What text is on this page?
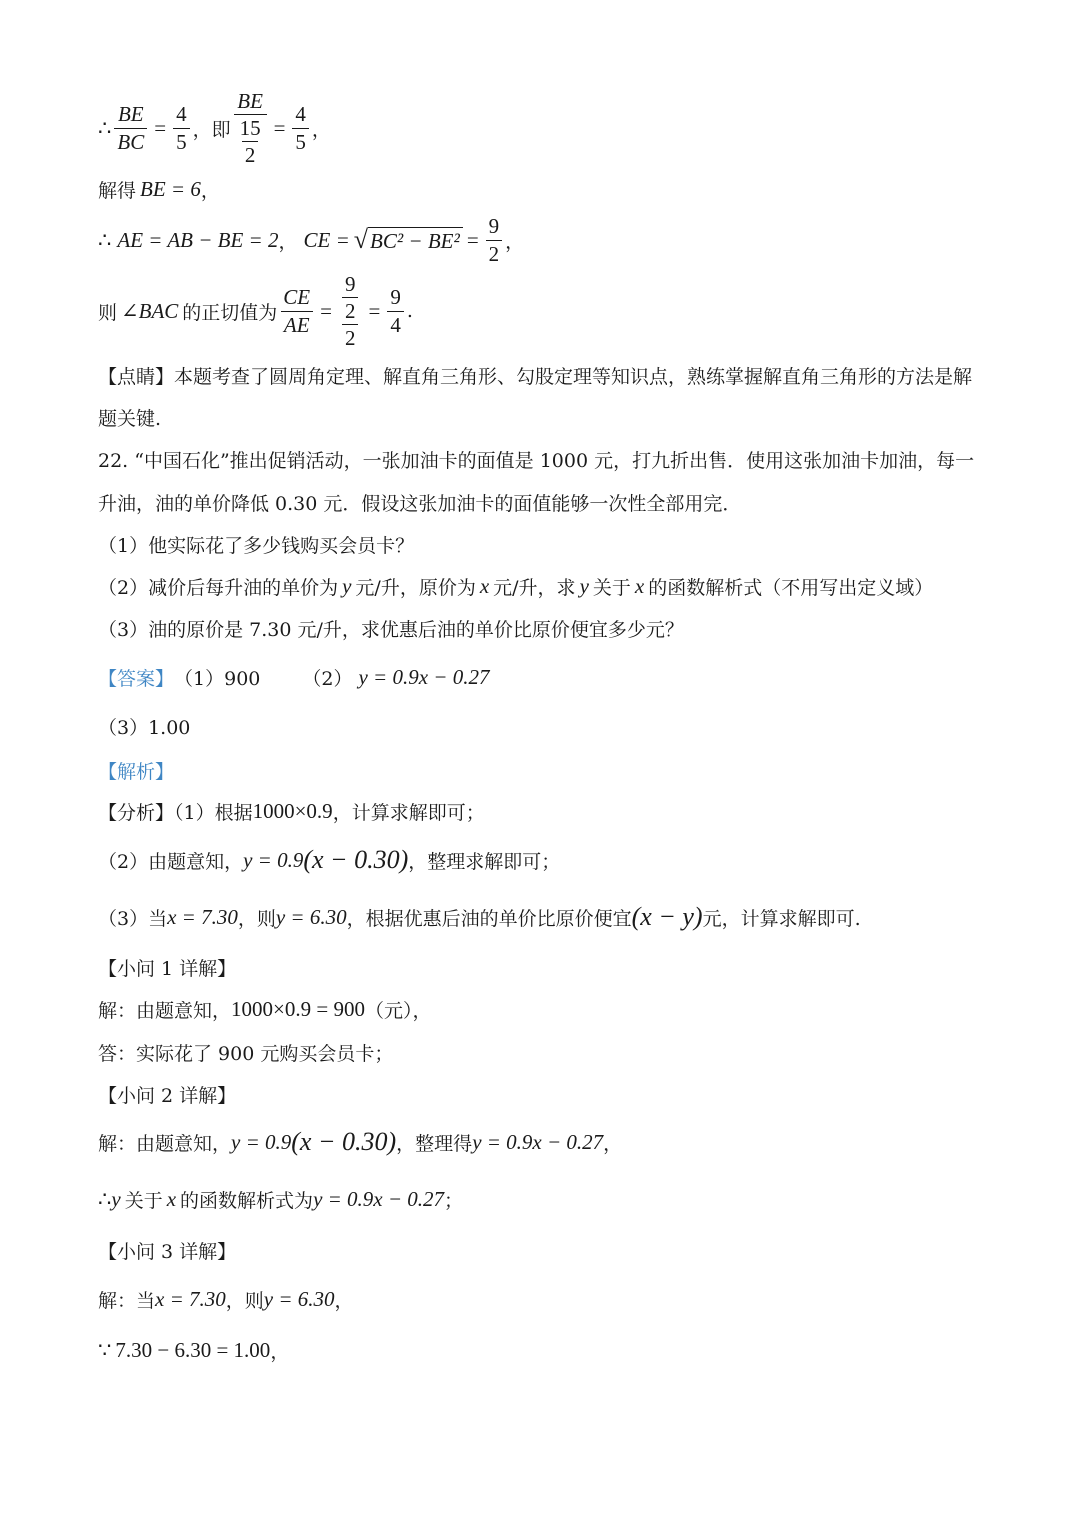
∴ $\frac{BE}{BC} = \frac{4}{5}$ ，即 $\frac{BE}{\frac{15}{2}} = \frac{4}{5}$ ，
解得 BE = 6 ，
∴ AE = AB − BE = 2 ， CE = √ $BC^2 - BE^2 = \frac{9}{2}$ ，
则 ∠BAC 的正切值为 $\frac{CE}{AE} = \frac{\frac{9}{2}}{2} = \frac{9}{4}$ .
【点睛】本题考查了圆周角定理、解直角三角形、勾股定理等知识点，熟练掌握解直角三角形的方法是解
题关键.
22. “中国石化”推出促销活动，一张加油卡的面值是 1000 元，打九折出售．使用这张加油卡加油，每一
升油，油的单价降低 0.30 元．假设这张加油卡的面值能够一次性全部用完．
（1）他实际花了多少钱购买会员卡？
（2）减价后每升油的单价为 y 元/升，原价为 x 元/升，求 y 关于 x 的函数解析式（不用写出定义域）
（3）油的原价是 7.30 元/升，求优惠后油的单价比原价便宜多少元？
【答案】 （1）900 （2） y = 0.9x − 0.27
（3）1.00
【解析】
【分析】（1）根据 1000×0.9 ，计算求解即可；
（2）由题意知， y = 0.9 (x − 0.30) ，整理求解即可；
（3）当 x = 7.30 ，则 y = 6.30 ，根据优惠后油的单价比原价便宜 (x − y) 元，计算求解即可.
【小问 1 详解】
解：由题意知， 1000×0.9 = 900 （元），
答：实际花了 900 元购买会员卡；
【小问 2 详解】
解：由题意知， y = 0.9 (x − 0.30) ，整理得 y = 0.9x − 0.27 ，
∴ y 关于 x 的函数解析式为 y = 0.9x − 0.27 ；
【小问 3 详解】
解：当 x = 7.30 ，则 y = 6.30 ，
∵ 7.30 − 6.30 = 1.00 ，
